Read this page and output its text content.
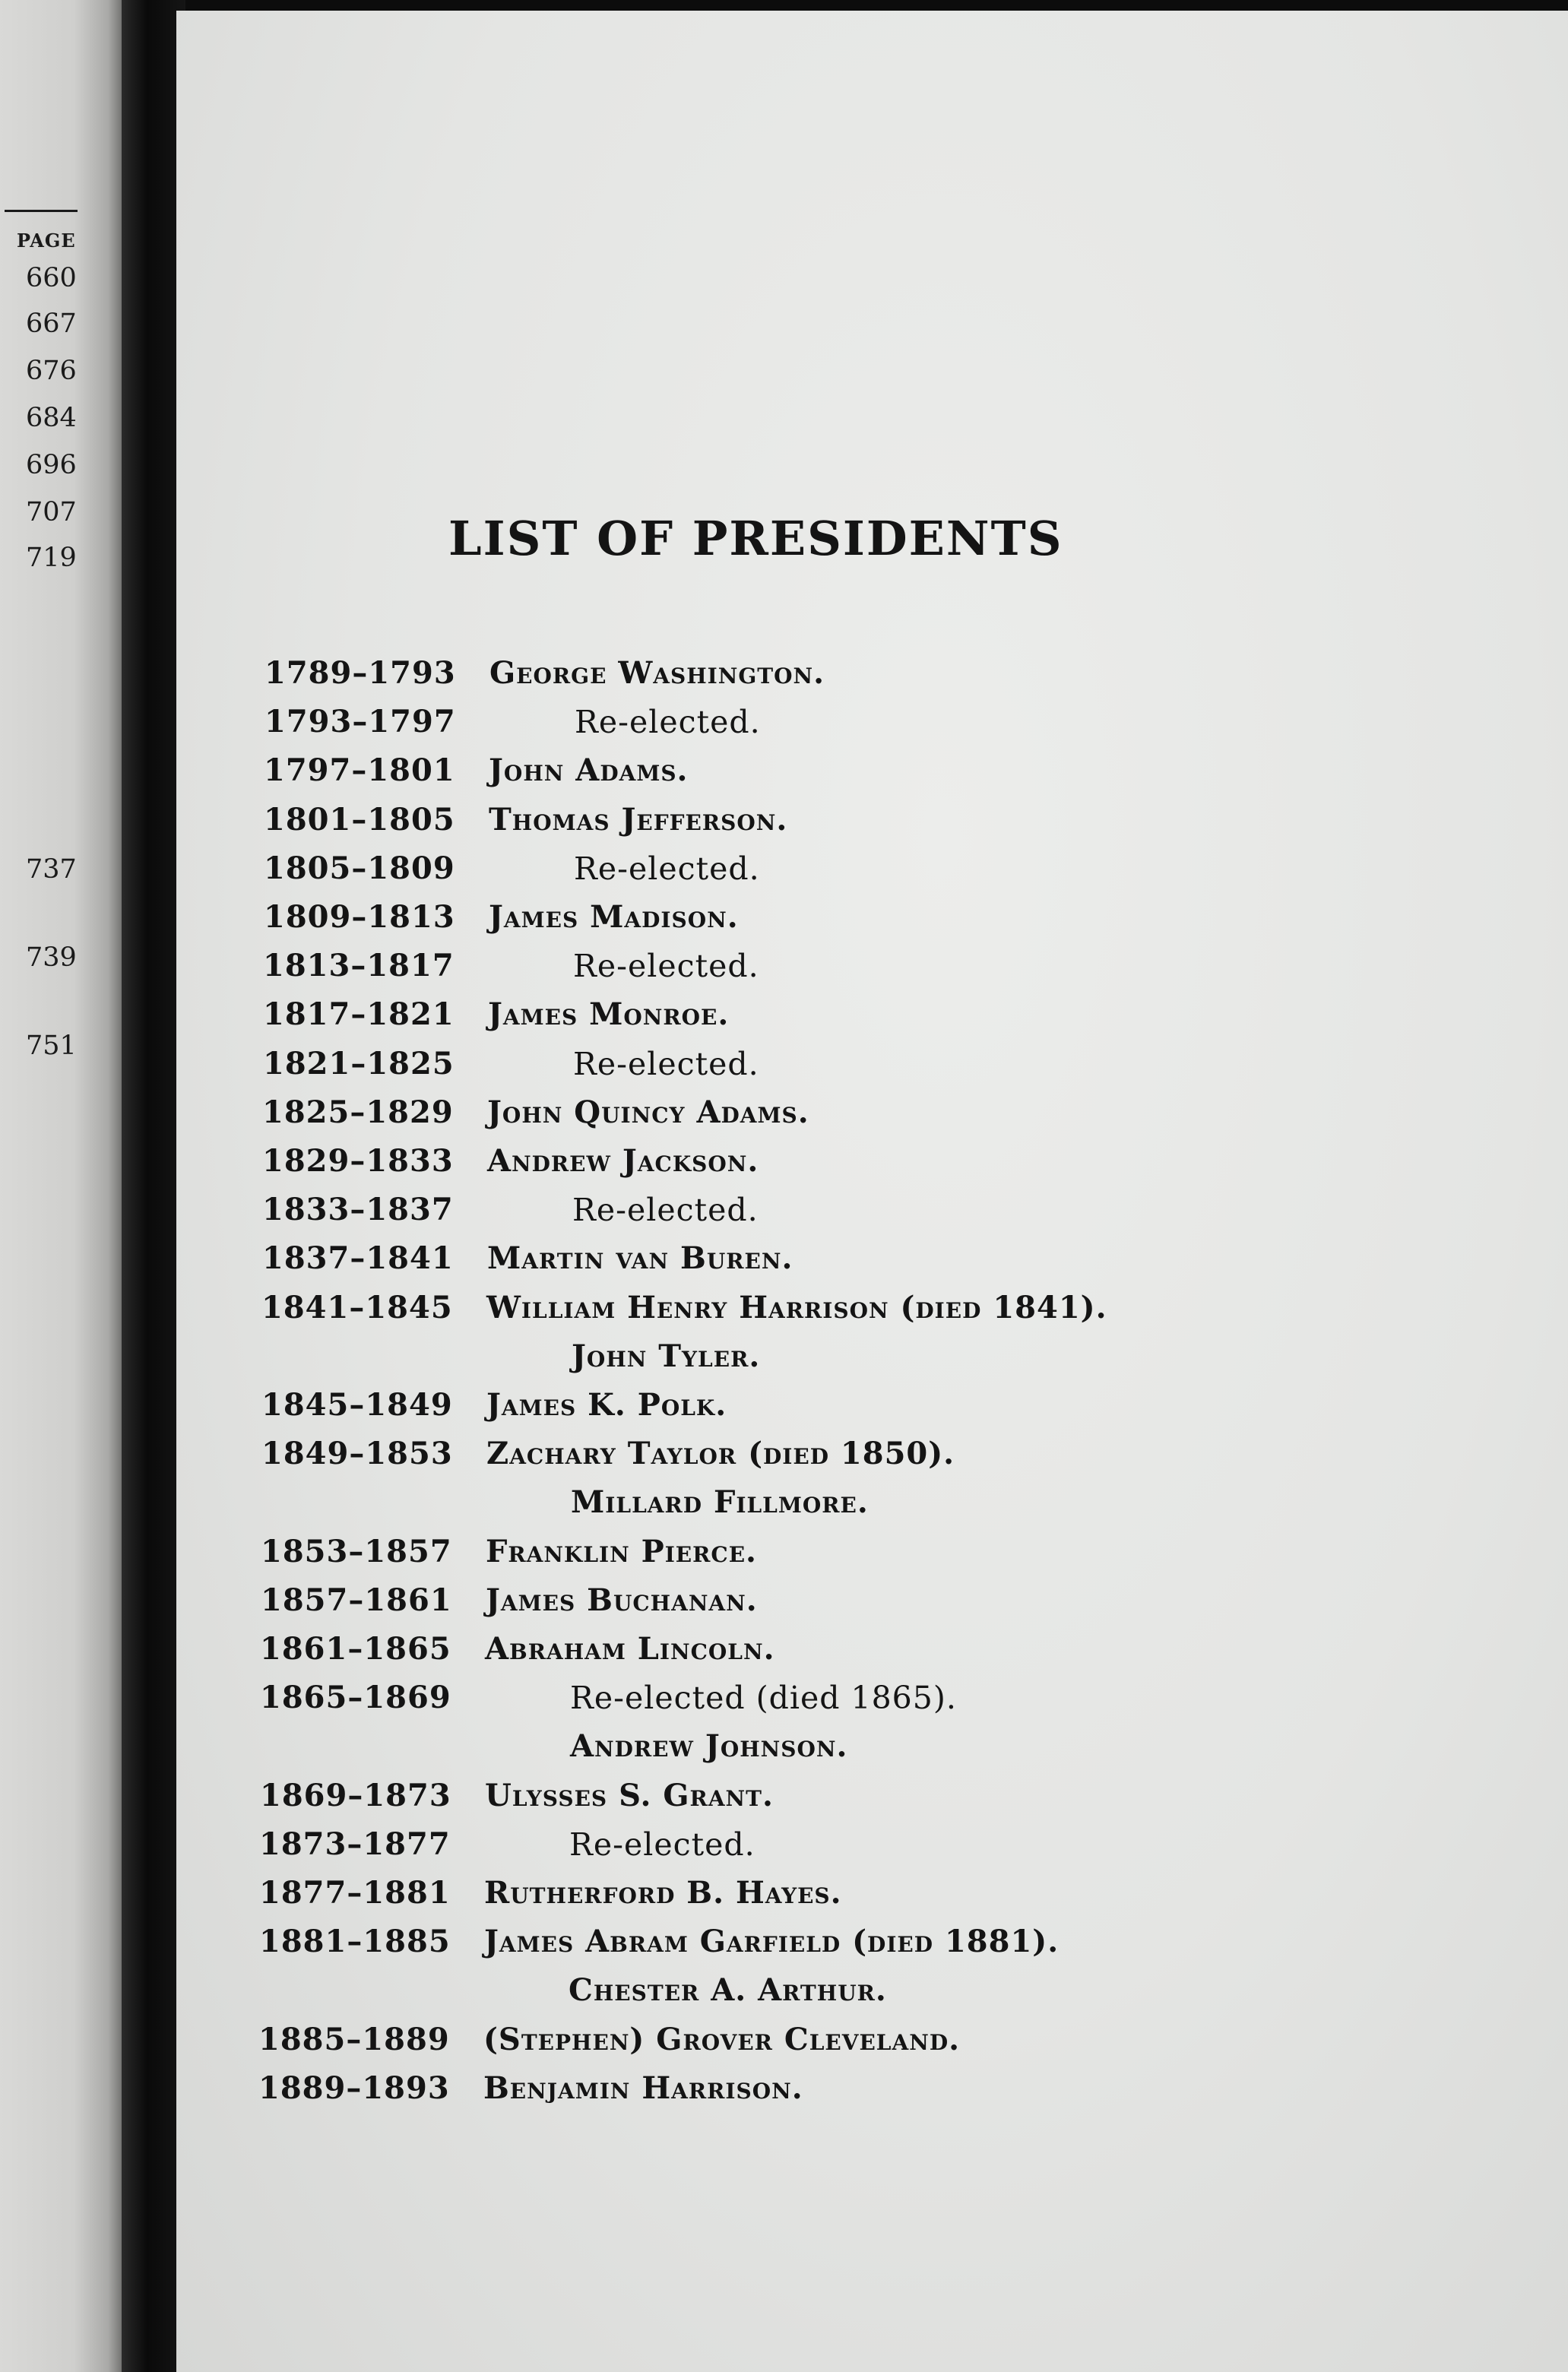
PAGE
660
667
676
684
696
707
719
737
739
751
LIST OF PRESIDENTS
1789–1793 George Washington.
1793–1797	Re-elected.
1797–1801 John Adams.
1801–1805 Thomas Jefferson.
1805–1809	Re-elected.
1809–1813 James Madison.
1813–1817	Re-elected.
1817–1821 James Monroe.
1821–1825	Re-elected.
1825–1829 John Quincy Adams.
1829–1833 Andrew Jackson.
1833–1837	Re-elected.
1837–1841 Martin van Buren.
1841–1845 William Henry Harrison (died 1841).
John Tyler.
1845–1849 James K. Polk.
1849–1853 Zachary Taylor (died 1850).
Millard Fillmore.
1853–1857 Franklin Pierce.
1857–1861 James Buchanan.
1861–1865 Abraham Lincoln.
1865–1869	Re-elected (died 1865).
Andrew Johnson.
1869–1873 Ulysses S. Grant.
1873–1877	Re-elected.
1877–1881 Rutherford B. Hayes.
1881–1885 James Abram Garfield (died 1881).
Chester A. Arthur.
1885–1889 (Stephen) Grover Cleveland.
1889–1893 Benjamin Harrison.
